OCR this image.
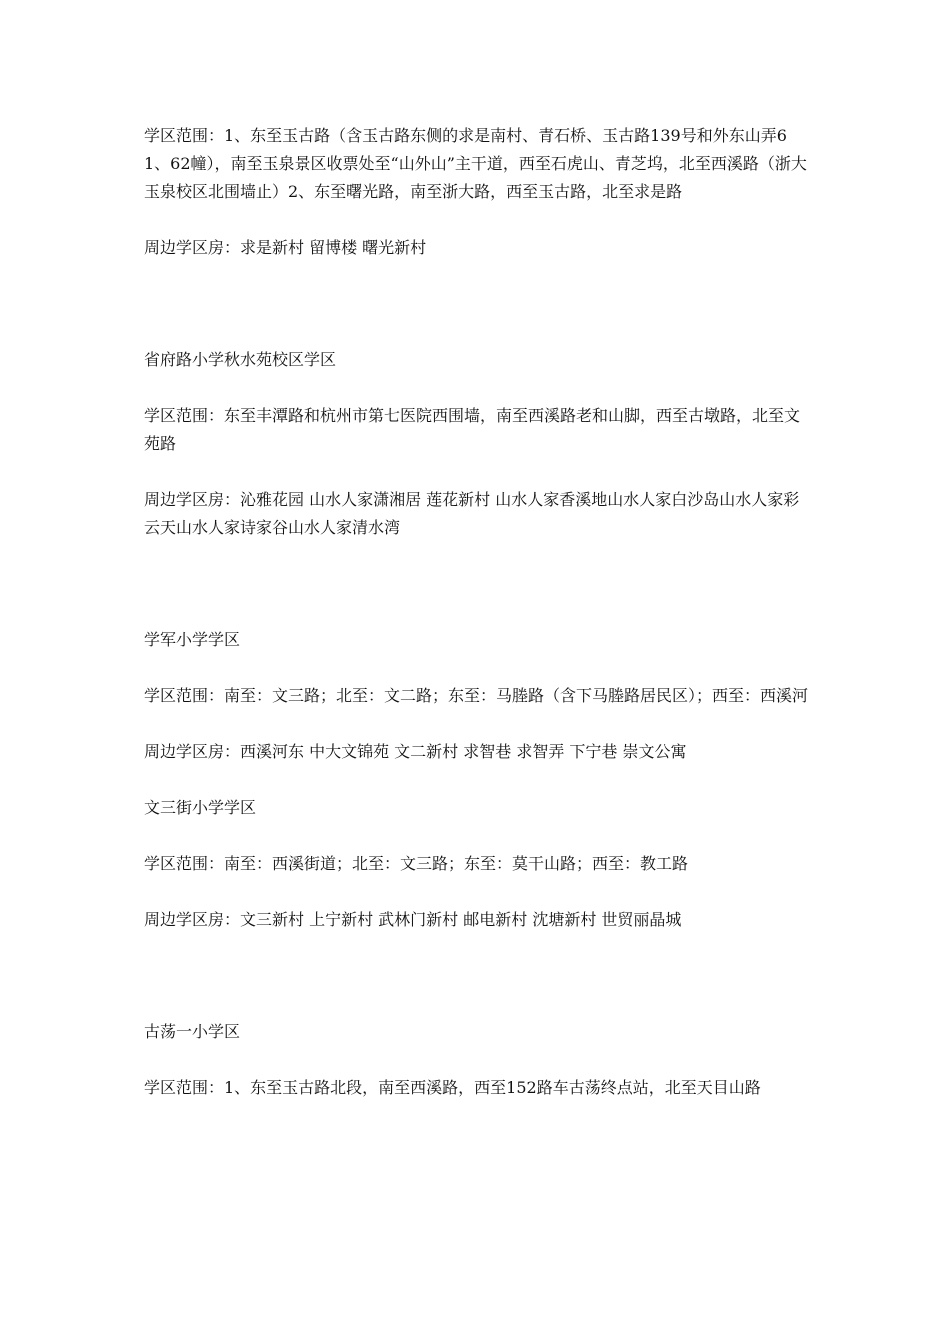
学区范围：1、东至玉古路（含玉古路东侧的求是南村、青石桥、玉古路139号和外东山弄61、62幢），南至玉泉景区收票处至“山外山”主干道，西至石虎山、青芝坞，北至西溪路（浙大玉泉校区北围墙止）2、东至曙光路，南至浙大路，西至玉古路，北至求是路

周边学区房：求是新村 留博楼 曙光新村

省府路小学秋水苑校区学区

学区范围：东至丰潭路和杭州市第七医院西围墙，南至西溪路老和山脚，西至古墩路，北至文苑路

周边学区房：沁雅花园 山水人家潇湘居 莲花新村 山水人家香溪地山水人家白沙岛山水人家彩云天山水人家诗家谷山水人家清水湾

学军小学学区

学区范围：南至：文三路；北至：文二路；东至：马塍路（含下马塍路居民区）；西至：西溪河

周边学区房：西溪河东 中大文锦苑 文二新村 求智巷 求智弄 下宁巷 崇文公寓

文三街小学学区

学区范围：南至：西溪街道；北至：文三路；东至：莫干山路；西至：教工路

周边学区房：文三新村 上宁新村 武林门新村 邮电新村 沈塘新村 世贸丽晶城

古荡一小学区

学区范围：1、东至玉古路北段，南至西溪路，西至152路车古荡终点站，北至天目山路
